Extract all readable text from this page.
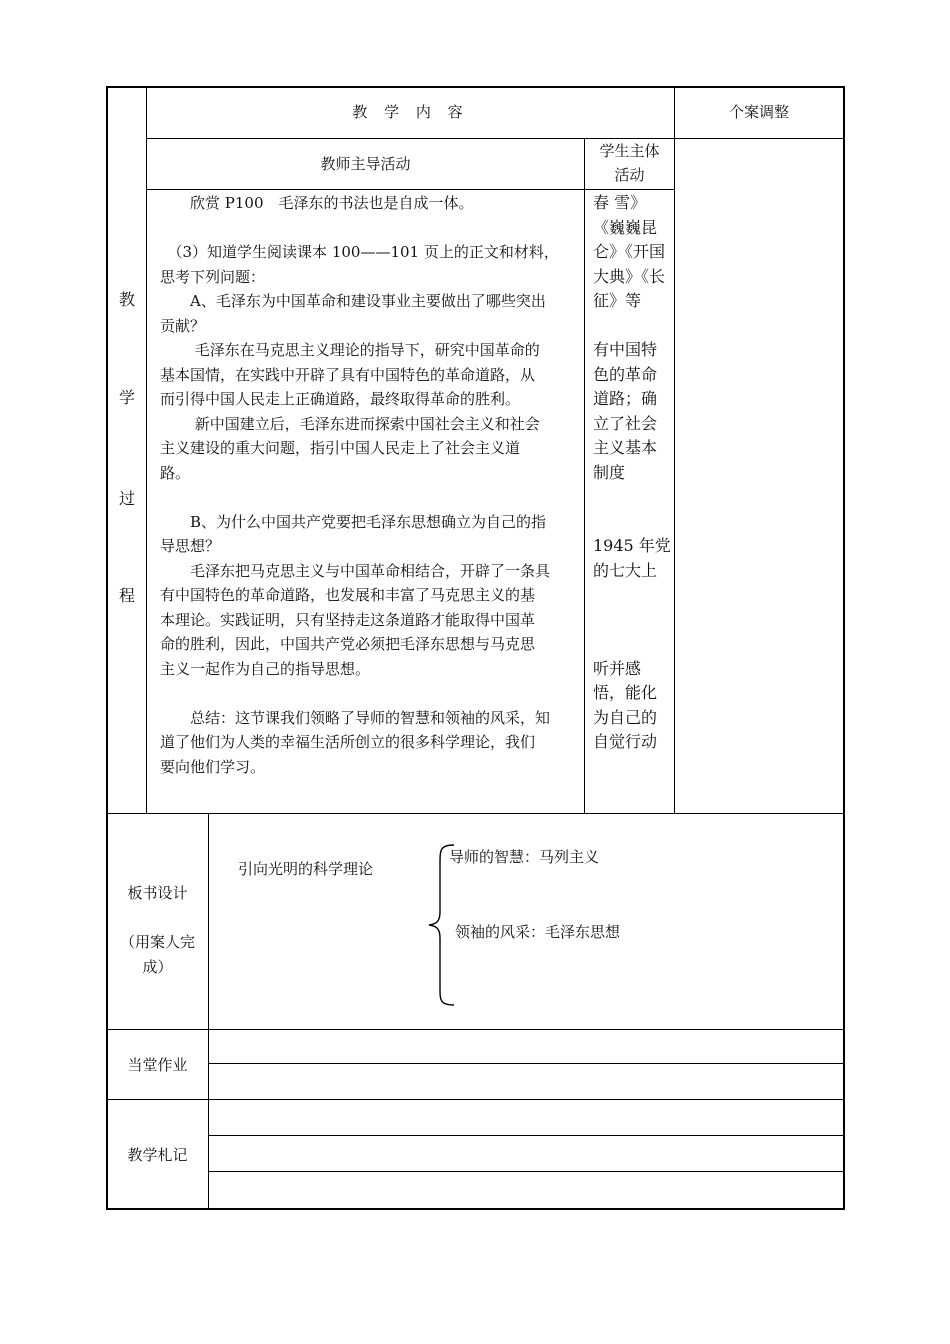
教 学 内 容	个案调整
教师主导活动
学生主体
活动
教
学
过
程
　　欣赏 P100　毛泽东的书法也是自成一体。
　（3）知道学生阅读课本 100——101 页上的正文和材料，
思考下列问题：
　　A、毛泽东为中国革命和建设事业主要做出了哪些突出
贡献？
　　 毛泽东在马克思主义理论的指导下，研究中国革命的
基本国情，在实践中开辟了具有中国特色的革命道路，从
而引得中国人民走上正确道路，最终取得革命的胜利。
　　 新中国建立后，毛泽东进而探索中国社会主义和社会
主义建设的重大问题，指引中国人民走上了社会主义道
路。
　　B、为什么中国共产党要把毛泽东思想确立为自己的指
导思想？
　　毛泽东把马克思主义与中国革命相结合，开辟了一条具
有中国特色的革命道路，也发展和丰富了马克思主义的基
本理论。实践证明，只有坚持走这条道路才能取得中国革
命的胜利，因此，中国共产党必须把毛泽东思想与马克思
主义一起作为自己的指导思想。
　　总结：这节课我们领略了导师的智慧和领袖的风采，知
道了他们为人类的幸福生活所创立的很多科学理论，我们
要向他们学习。
春 雪》
《巍巍昆
仑》《开国
大典》《长
征》等
有中国特
色的革命
道路；确
立了社会
主义基本
制度
1945 年党
的七大上
听并感
悟，能化
为自己的
自觉行动
板书设计
（用案人完
成）
引向光明的科学理论
导师的智慧：马列主义
领袖的风采：毛泽东思想
当堂作业
教学札记
